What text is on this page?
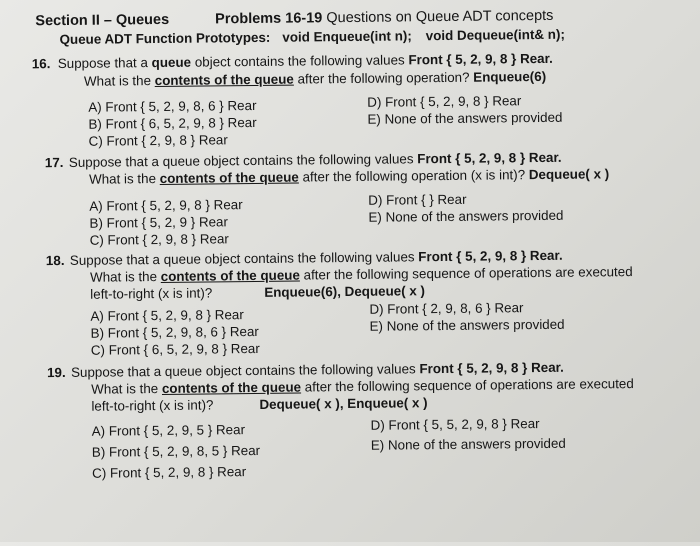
Section II – Queues	Problems 16-19 Questions on Queue ADT concepts
Queue ADT Function Prototypes: void Enqueue(int n); void Dequeue(int& n);
16. Suppose that a queue object contains the following values Front { 5, 2, 9, 8 } Rear.
What is the contents of the queue after the following operation? Enqueue(6)
A) Front { 5, 2, 9, 8, 6 } Rear
B) Front { 6, 5, 2, 9, 8 } Rear
C) Front { 2, 9, 8 } Rear
D) Front { 5, 2, 9, 8 } Rear
E) None of the answers provided
17. Suppose that a queue object contains the following values Front { 5, 2, 9, 8 } Rear.
What is the contents of the queue after the following operation (x is int)? Dequeue( x )
A) Front { 5, 2, 9, 8 } Rear
B) Front { 5, 2, 9 } Rear
C) Front { 2, 9, 8 } Rear
D) Front { } Rear
E) None of the answers provided
18. Suppose that a queue object contains the following values Front { 5, 2, 9, 8 } Rear.
What is the contents of the queue after the following sequence of operations are executed
left-to-right (x is int)?	Enqueue(6), Dequeue( x )
A) Front { 5, 2, 9, 8 } Rear
B) Front { 5, 2, 9, 8, 6 } Rear
C) Front { 6, 5, 2, 9, 8 } Rear
D) Front { 2, 9, 8, 6 } Rear
E) None of the answers provided
19. Suppose that a queue object contains the following values Front { 5, 2, 9, 8 } Rear.
What is the contents of the queue after the following sequence of operations are executed
left-to-right (x is int)?	Dequeue( x ), Enqueue( x )
A) Front { 5, 2, 9, 5 } Rear
B) Front { 5, 2, 9, 8, 5 } Rear
C) Front { 5, 2, 9, 8 } Rear
D) Front { 5, 5, 2, 9, 8 } Rear
E) None of the answers provided
